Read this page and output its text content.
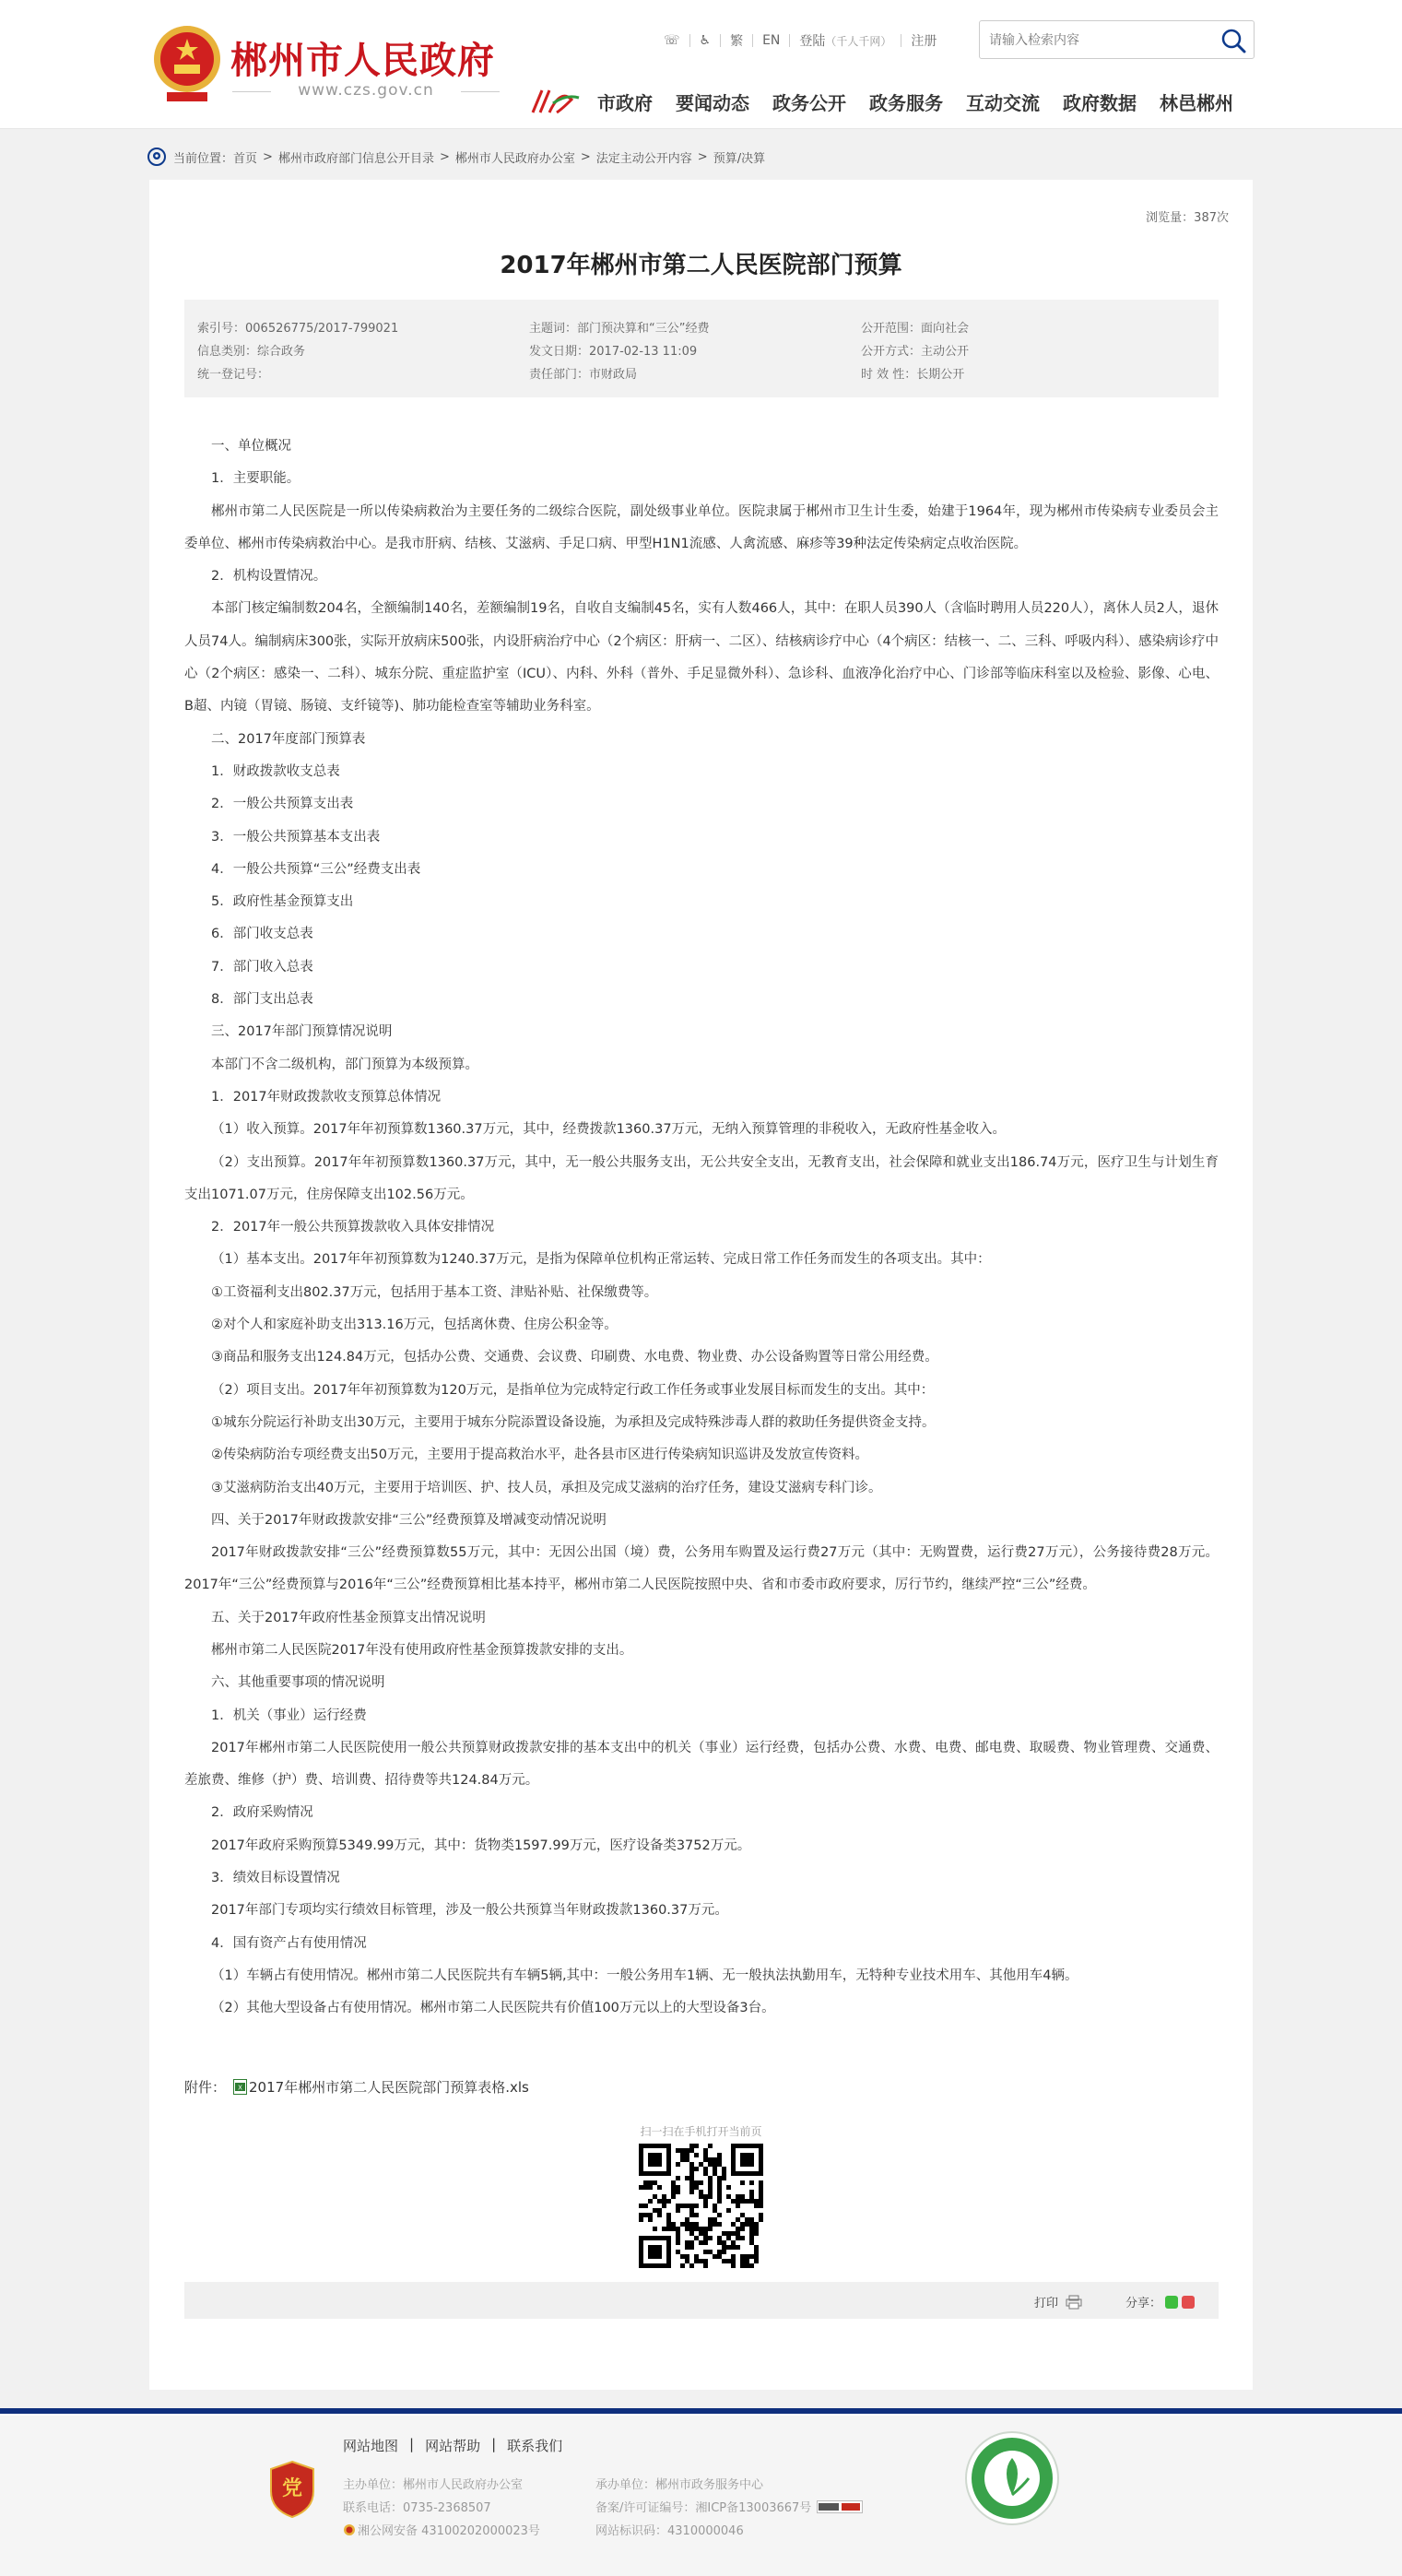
郴州市人民政府
www.czs.gov.cn
☏ ♿ 繁 EN 登陆 （千人千网） 注册
请输入检索内容
市政府 要闻动态 政务公开 政务服务 互动交流 政府数据 林邑郴州
当前位置： 首页 > 郴州市政府部门信息公开目录 > 郴州市人民政府办公室 > 法定主动公开内容 > 预算/决算
浏览量：387次
2017年郴州市第二人民医院部门预算
索引号：006526775/2017-799021	主题词：部门预决算和“三公”经费	公开范围：面向社会
信息类别：综合政务	发文日期：2017-02-13 11:09	公开方式：主动公开
统一登记号：	责任部门：市财政局	时 效 性：长期公开

一、单位概况

1．主要职能。

郴州市第二人民医院是一所以传染病救治为主要任务的二级综合医院，副处级事业单位。医院隶属于郴州市卫生计生委，始建于1964年，现为郴州市传染病专业委员会主委单位、郴州市传染病救治中心。是我市肝病、结核、艾滋病、手足口病、甲型H1N1流感、人禽流感、麻疹等39种法定传染病定点收治医院。

2．机构设置情况。

本部门核定编制数204名，全额编制140名，差额编制19名，自收自支编制45名，实有人数466人，其中：在职人员390人（含临时聘用人员220人），离休人员2人，退休人员74人。编制病床300张，实际开放病床500张，内设肝病治疗中心（2个病区：肝病一、二区）、结核病诊疗中心（4个病区：结核一、二、三科、呼吸内科）、感染病诊疗中心（2个病区：感染一、二科）、城东分院、重症监护室（ICU）、内科、外科（普外、手足显微外科）、急诊科、血液净化治疗中心、门诊部等临床科室以及检验、影像、心电、B超、内镜（胃镜、肠镜、支纤镜等)、肺功能检查室等辅助业务科室。

二、2017年度部门预算表

1．财政拨款收支总表

2．一般公共预算支出表

3．一般公共预算基本支出表

4．一般公共预算“三公”经费支出表

5．政府性基金预算支出

6．部门收支总表

7．部门收入总表

8．部门支出总表

三、2017年部门预算情况说明

本部门不含二级机构，部门预算为本级预算。

1．2017年财政拨款收支预算总体情况

（1）收入预算。2017年年初预算数1360.37万元，其中，经费拨款1360.37万元，无纳入预算管理的非税收入，无政府性基金收入。

（2）支出预算。2017年年初预算数1360.37万元，其中，无一般公共服务支出，无公共安全支出，无教育支出，社会保障和就业支出186.74万元，医疗卫生与计划生育支出1071.07万元，住房保障支出102.56万元。

2．2017年一般公共预算拨款收入具体安排情况

（1）基本支出。2017年年初预算数为1240.37万元，是指为保障单位机构正常运转、完成日常工作任务而发生的各项支出。其中：

①工资福利支出802.37万元，包括用于基本工资、津贴补贴、社保缴费等。

②对个人和家庭补助支出313.16万元，包括离休费、住房公积金等。

③商品和服务支出124.84万元，包括办公费、交通费、会议费、印刷费、水电费、物业费、办公设备购置等日常公用经费。

（2）项目支出。2017年年初预算数为120万元，是指单位为完成特定行政工作任务或事业发展目标而发生的支出。其中：

①城东分院运行补助支出30万元，主要用于城东分院添置设备设施，为承担及完成特殊涉毒人群的救助任务提供资金支持。

②传染病防治专项经费支出50万元，主要用于提高救治水平，赴各县市区进行传染病知识巡讲及发放宣传资料。

③艾滋病防治支出40万元，主要用于培训医、护、技人员，承担及完成艾滋病的治疗任务，建设艾滋病专科门诊。

四、关于2017年财政拨款安排“三公”经费预算及增减变动情况说明

2017年财政拨款安排“三公”经费预算数55万元，其中：无因公出国（境）费，公务用车购置及运行费27万元（其中：无购置费，运行费27万元），公务接待费28万元。2017年“三公”经费预算与2016年“三公”经费预算相比基本持平，郴州市第二人民医院按照中央、省和市委市政府要求，厉行节约，继续严控“三公”经费。

五、关于2017年政府性基金预算支出情况说明

郴州市第二人民医院2017年没有使用政府性基金预算拨款安排的支出。

六、其他重要事项的情况说明

1．机关（事业）运行经费

2017年郴州市第二人民医院使用一般公共预算财政拨款安排的基本支出中的机关（事业）运行经费，包括办公费、水费、电费、邮电费、取暖费、物业管理费、交通费、差旅费、维修（护）费、培训费、招待费等共124.84万元。

2．政府采购情况

2017年政府采购预算5349.99万元，其中：货物类1597.99万元，医疗设备类3752万元。

3．绩效目标设置情况

2017年部门专项均实行绩效目标管理，涉及一般公共预算当年财政拨款1360.37万元。

4．国有资产占有使用情况

（1）车辆占有使用情况。郴州市第二人民医院共有车辆5辆,其中：一般公务用车1辆、无一般执法执勤用车，无特种专业技术用车、其他用车4辆。

（2）其他大型设备占有使用情况。郴州市第二人民医院共有价值100万元以上的大型设备3台。

附件： X 2017年郴州市第二人民医院部门预算表格.xls
扫一扫在手机打开当前页
打印	分享：
党
网站地图 | 网站帮助 | 联系我们
主办单位：郴州市人民政府办公室
联系电话：0735-2368507
湘公网安备 43100202000023号
承办单位：郴州市政务服务中心
备案/许可证编号：湘ICP备13003667号
网站标识码：4310000046
